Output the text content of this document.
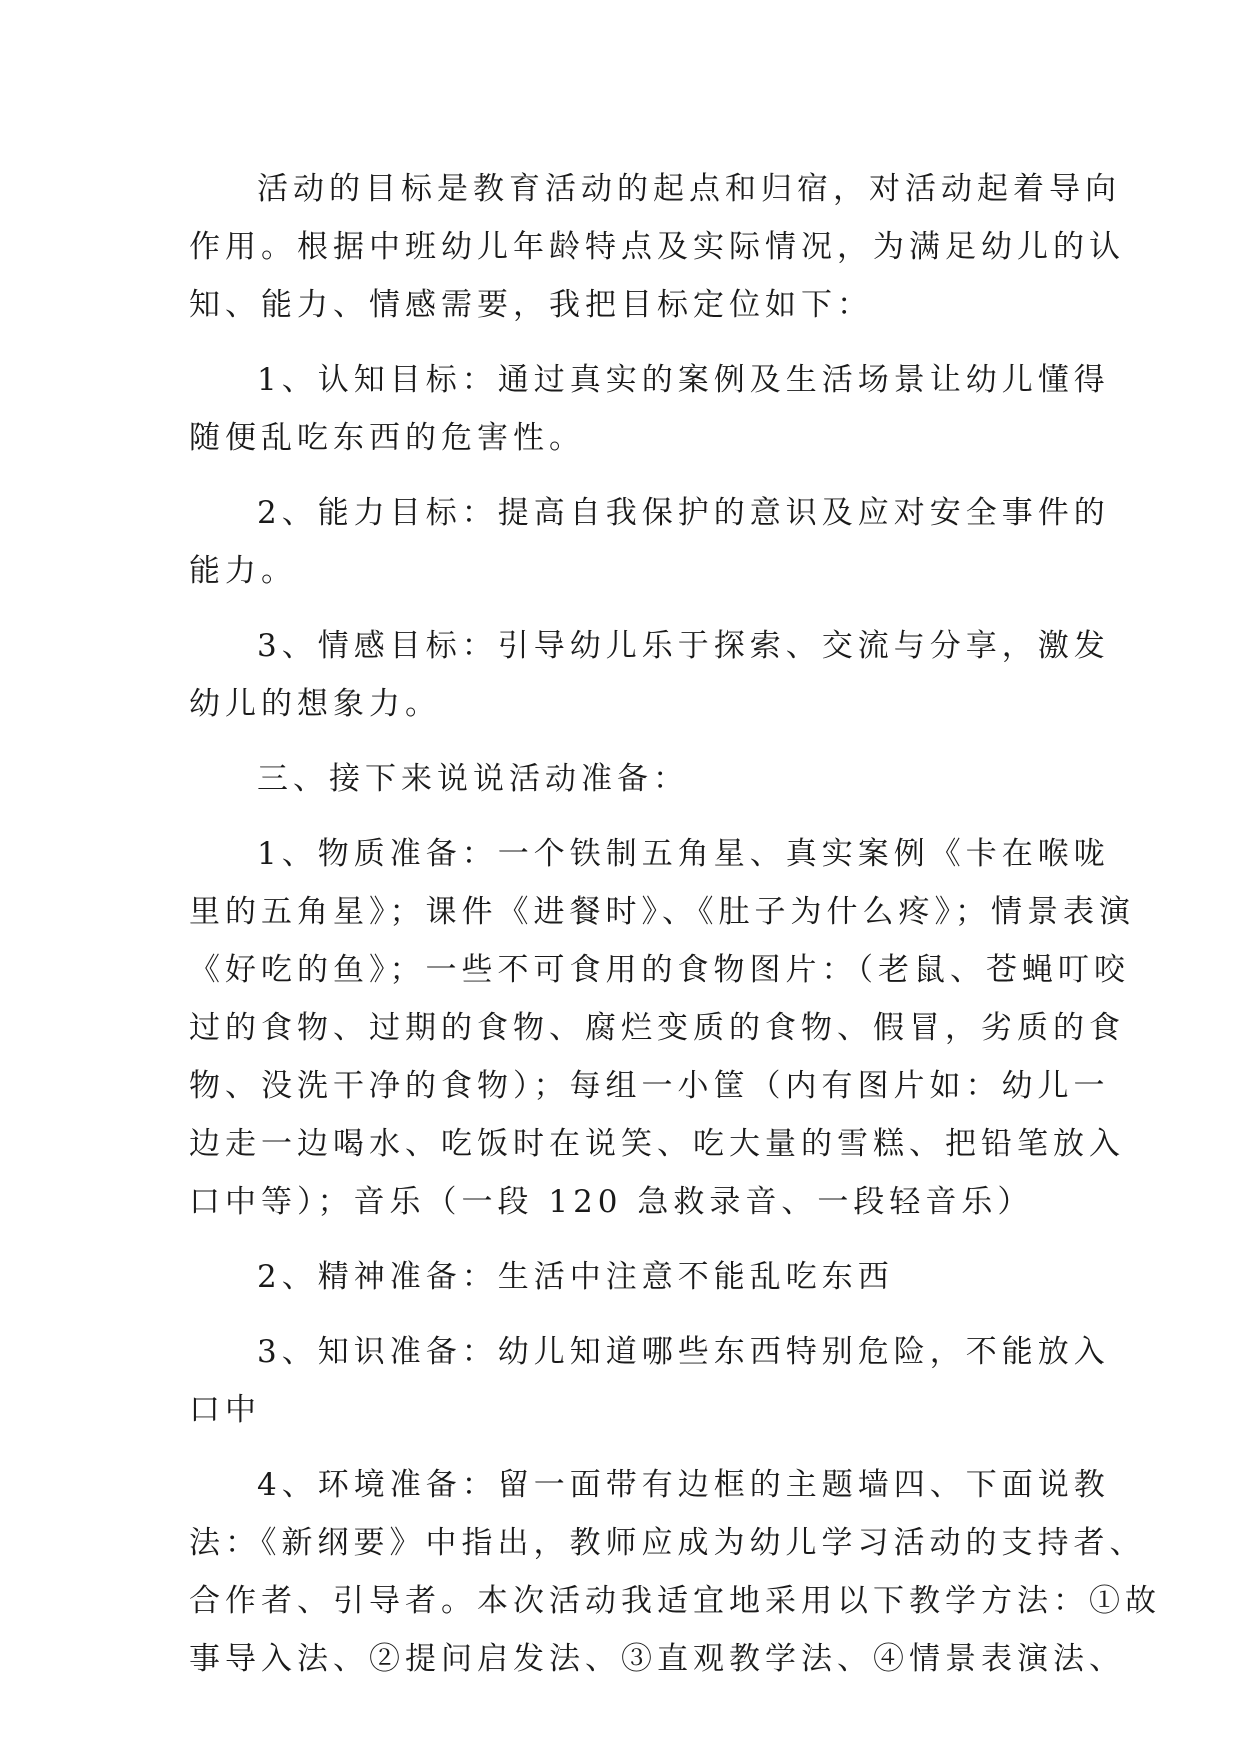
活动的目标是教育活动的起点和归宿，对活动起着导向
作用。根据中班幼儿年龄特点及实际情况，为满足幼儿的认
知、能力、情感需要，我把目标定位如下：
1、认知目标：通过真实的案例及生活场景让幼儿懂得
随便乱吃东西的危害性。
2、能力目标：提高自我保护的意识及应对安全事件的
能力。
3、情感目标：引导幼儿乐于探索、交流与分享，激发
幼儿的想象力。
三、接下来说说活动准备：
1、物质准备：一个铁制五角星、真实案例《卡在喉咙
里的五角星》；课件《进餐时》、《肚子为什么疼》；情景表演
《好吃的鱼》；一些不可食用的食物图片：（老鼠、苍蝇叮咬
过的食物、过期的食物、腐烂变质的食物、假冒，劣质的食
物、没洗干净的食物）；每组一小筐（内有图片如：幼儿一
边走一边喝水、吃饭时在说笑、吃大量的雪糕、把铅笔放入
口中等）；音乐（一段 120 急救录音、一段轻音乐）
2、精神准备：生活中注意不能乱吃东西
3、知识准备：幼儿知道哪些东西特别危险，不能放入
口中
4、环境准备：留一面带有边框的主题墙四、下面说教
法：《新纲要》中指出，教师应成为幼儿学习活动的支持者、
合作者、引导者。本次活动我适宜地采用以下教学方法：①故
事导入法、②提问启发法、③直观教学法、④情景表演法、
